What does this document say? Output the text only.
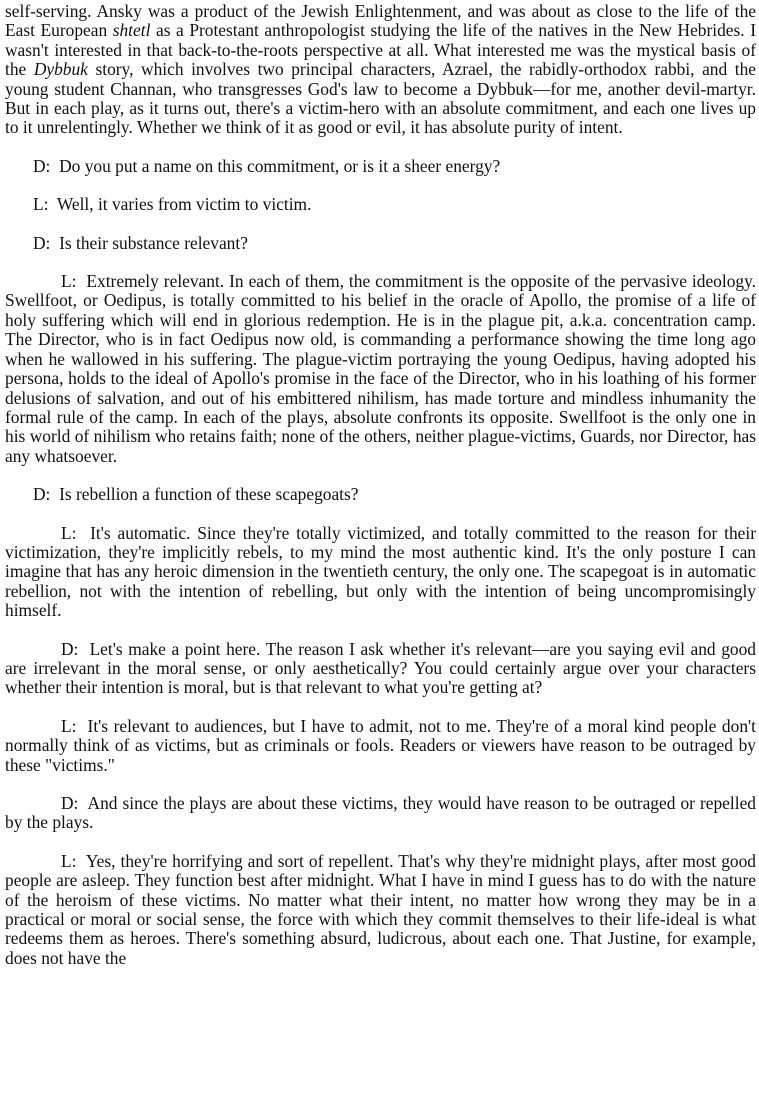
self-serving. Ansky was a product of the Jewish Enlightenment, and was about as close to the life of the East European shtetl as a Protestant anthropologist studying the life of the natives in the New Hebrides. I wasn't interested in that back-to-the-roots perspective at all. What interested me was the mystical basis of the Dybbuk story, which involves two principal characters, Azrael, the rabidly-orthodox rabbi, and the young student Channan, who transgresses God's law to become a Dybbuk—for me, another devil-martyr. But in each play, as it turns out, there's a victim-hero with an absolute commitment, and each one lives up to it unrelentingly. Whether we think of it as good or evil, it has absolute purity of intent.

D: Do you put a name on this commitment, or is it a sheer energy?

L: Well, it varies from victim to victim.

D: Is their substance relevant?

L: Extremely relevant. In each of them, the commitment is the opposite of the pervasive ideology. Swellfoot, or Oedipus, is totally committed to his belief in the oracle of Apollo, the promise of a life of holy suffering which will end in glorious redemption. He is in the plague pit, a.k.a. concentration camp. The Director, who is in fact Oedipus now old, is commanding a performance showing the time long ago when he wallowed in his suffering. The plague-victim portraying the young Oedipus, having adopted his persona, holds to the ideal of Apollo's promise in the face of the Director, who in his loathing of his former delusions of salvation, and out of his embittered nihilism, has made torture and mindless inhumanity the formal rule of the camp. In each of the plays, absolute confronts its opposite. Swellfoot is the only one in his world of nihilism who retains faith; none of the others, neither plague-victims, Guards, nor Director, has any whatsoever.

D: Is rebellion a function of these scapegoats?

L: It's automatic. Since they're totally victimized, and totally committed to the reason for their victimization, they're implicitly rebels, to my mind the most authentic kind. It's the only posture I can imagine that has any heroic dimension in the twentieth century, the only one. The scapegoat is in automatic rebellion, not with the intention of rebelling, but only with the intention of being uncompromisingly himself.

D: Let's make a point here. The reason I ask whether it's relevant—are you saying evil and good are irrelevant in the moral sense, or only aesthetically? You could certainly argue over your characters whether their intention is moral, but is that relevant to what you're getting at?

L: It's relevant to audiences, but I have to admit, not to me. They're of a moral kind people don't normally think of as victims, but as criminals or fools. Readers or viewers have reason to be outraged by these "victims."

D: And since the plays are about these victims, they would have reason to be outraged or repelled by the plays.

L: Yes, they're horrifying and sort of repellent. That's why they're midnight plays, after most good people are asleep. They function best after midnight. What I have in mind I guess has to do with the nature of the heroism of these victims. No matter what their intent, no matter how wrong they may be in a practical or moral or social sense, the force with which they commit themselves to their life-ideal is what redeems them as heroes. There's something absurd, ludicrous, about each one. That Justine, for example, does not have the
